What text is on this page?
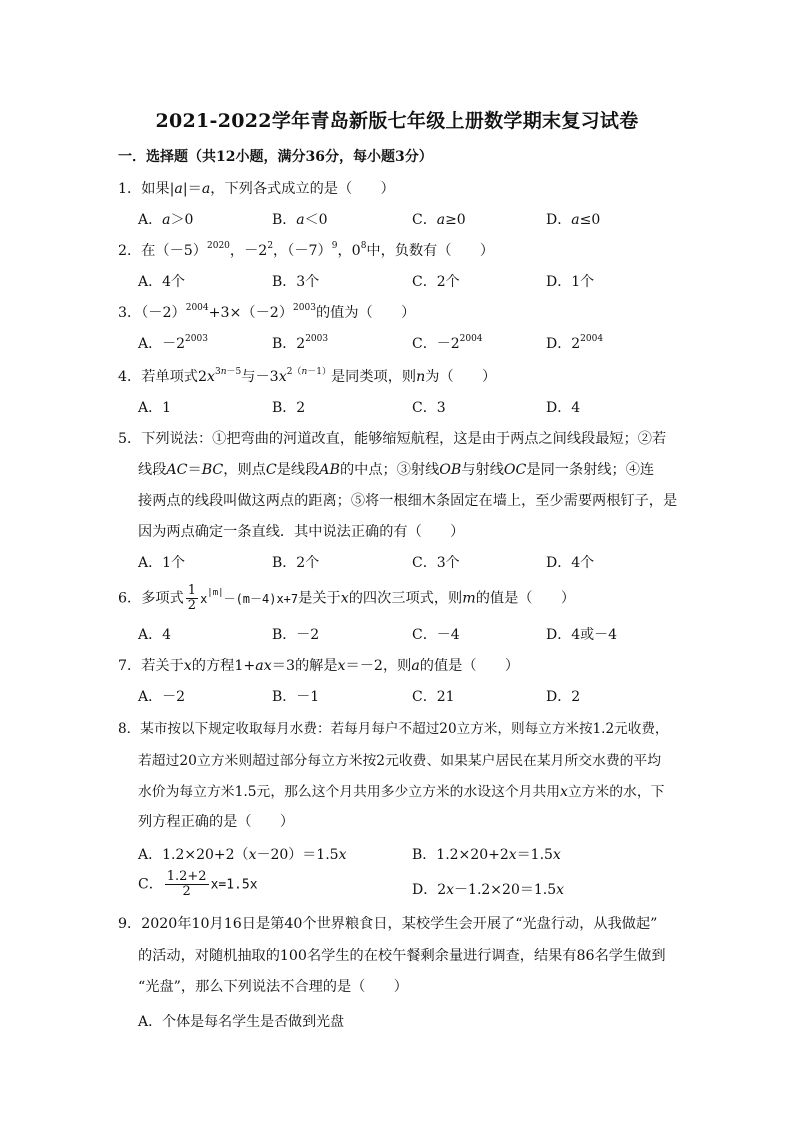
2021-2022学年青岛新版七年级上册数学期末复习试卷
一．选择题（共12小题，满分36分，每小题3分）
1．如果|a|＝a，下列各式成立的是（　　）
A．a＞0	B．a＜0	C．a≥0	D．a≤0
2．在$(-5)^{2020}$，$-2^2$，$(-7)^9$，$0^8$中，负数有（　　）
A．4个	B．3个	C．2个	D．1个
3．$(-2)^{2004}+3\times(-2)^{2003}$的值为（　　）
A．$-2^{2003}$	B．$2^{2003}$	C．$-2^{2004}$	D．$2^{2004}$
4．若单项式$2x^{3n-5}$与$-3x^{2(n-1)}$是同类项，则n为（　　）
A．1	B．2	C．3	D．4
5．下列说法：①把弯曲的河道改直，能够缩短航程，这是由于两点之间线段最短；②若
线段AC＝BC，则点C是线段AB的中点；③射线OB与射线OC是同一条射线；④连
接两点的线段叫做这两点的距离；⑤将一根细木条固定在墙上，至少需要两根钉子，是
因为两点确定一条直线．其中说法正确的有（　　）
A．1个	B．2个	C．3个	D．4个
6．多项式 $\frac{1}{2} x^{|m|}-(m-4)x+7$是关于x的四次三项式，则m的值是（　　）
A．4	B．－2	C．－4	D．4或－4
7．若关于x的方程1+ax＝3的解是x＝－2，则a的值是（　　）
A．－2	B．－1	C．21	D．2
8．某市按以下规定收取每月水费：若每月每户不超过20立方米，则每立方米按1.2元收费，
若超过20立方米则超过部分每立方米按2元收费、如果某户居民在某月所交水费的平均
水价为每立方米1.5元，那么这个月共用多少立方米的水设这个月共用x立方米的水，下
列方程正确的是（　　）
A．1.2×20+2（x－20）＝1.5x	B．1.2×20+2x＝1.5x
C． $\frac{1.2+2}{2} x=1.5x$	D．2x－1.2×20＝1.5x
9．2020年10月16日是第40个世界粮食日，某校学生会开展了“光盘行动，从我做起”
的活动，对随机抽取的100名学生的在校午餐剩余量进行调查，结果有86名学生做到
“光盘”，那么下列说法不合理的是（　　）
A．个体是每名学生是否做到光盘
